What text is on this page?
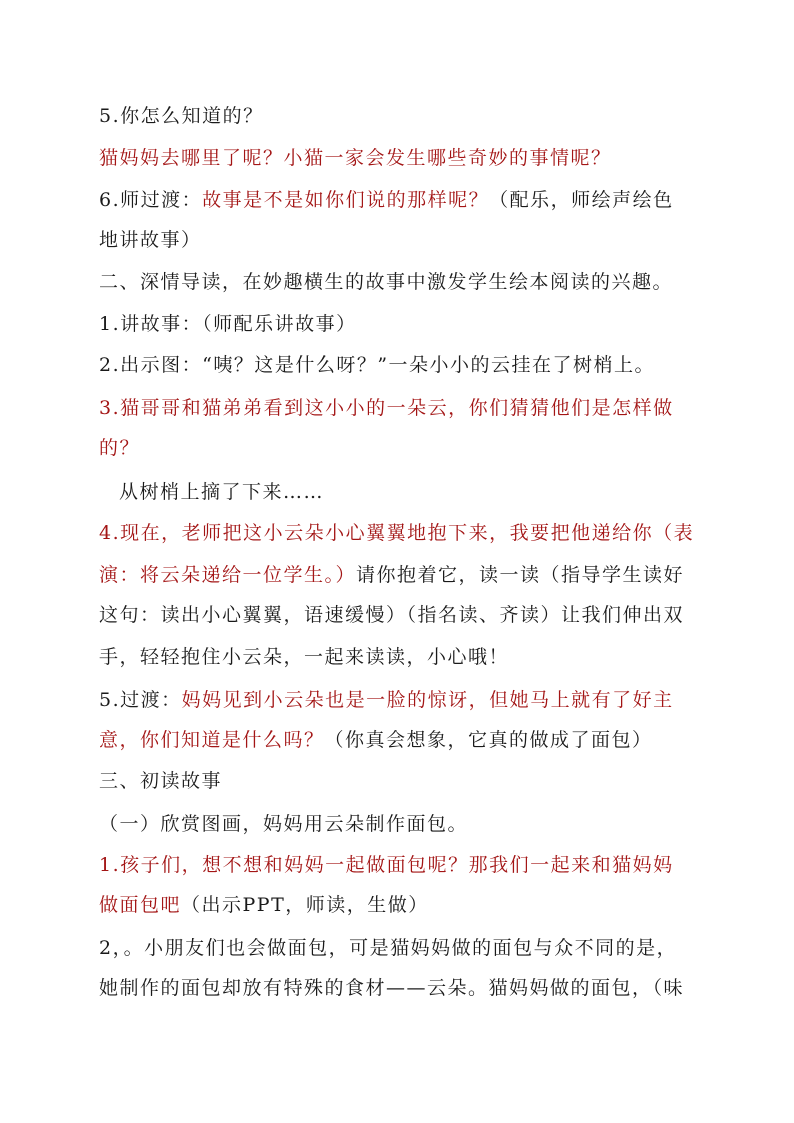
5.你怎么知道的？
猫妈妈去哪里了呢？小猫一家会发生哪些奇妙的事情呢？
6.师过渡：故事是不是如你们说的那样呢？（配乐，师绘声绘色
地讲故事）
二、深情导读，在妙趣横生的故事中激发学生绘本阅读的兴趣。
1.讲故事：（师配乐讲故事）
2.出示图：“咦？这是什么呀？”一朵小小的云挂在了树梢上。
3.猫哥哥和猫弟弟看到这小小的一朵云，你们猜猜他们是怎样做
的？
从树梢上摘了下来……
4.现在，老师把这小云朵小心翼翼地抱下来，我要把他递给你（表
演：将云朵递给一位学生。）请你抱着它，读一读（指导学生读好
这句：读出小心翼翼，语速缓慢）（指名读、齐读）让我们伸出双
手，轻轻抱住小云朵，一起来读读，小心哦！
5.过渡：妈妈见到小云朵也是一脸的惊讶，但她马上就有了好主
意，你们知道是什么吗？（你真会想象，它真的做成了面包）
三、初读故事
（一）欣赏图画，妈妈用云朵制作面包。
1.孩子们，想不想和妈妈一起做面包呢？那我们一起来和猫妈妈
做面包吧（出示PPT，师读，生做）
2，。小朋友们也会做面包，可是猫妈妈做的面包与众不同的是，
她制作的面包却放有特殊的食材——云朵。猫妈妈做的面包，（味
